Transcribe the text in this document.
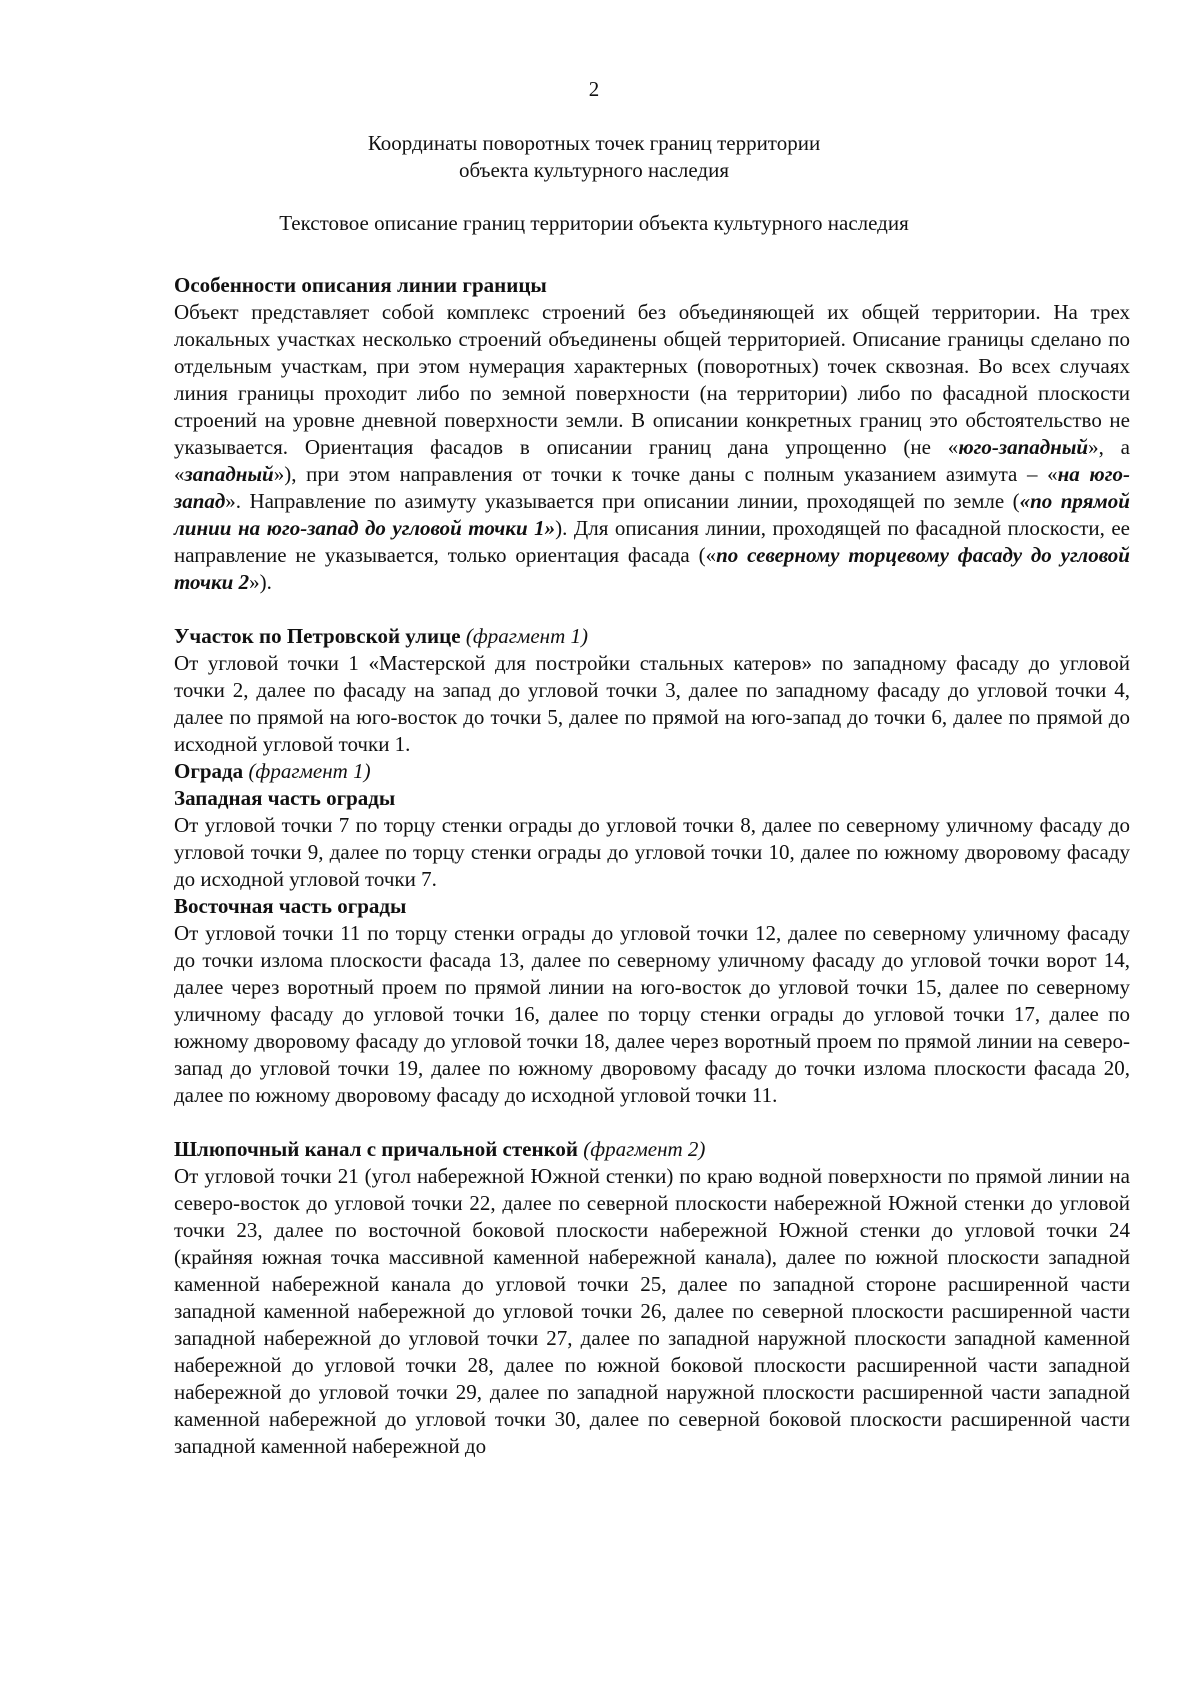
2
Координаты поворотных точек границ территории
объекта культурного наследия
Текстовое описание границ территории объекта культурного наследия
Особенности описания линии границы

Объект представляет собой комплекс строений без объединяющей их общей территории. На трех локальных участках несколько строений объединены общей территорией. Описание границы сделано по отдельным участкам, при этом нумерация характерных (поворотных) точек сквозная. Во всех случаях линия границы проходит либо по земной поверхности (на территории) либо по фасадной плоскости строений на уровне дневной поверхности земли. В описании конкретных границ это обстоятельство не указывается. Ориентация фасадов в описании границ дана упрощенно (не «юго-западный», а «западный»), при этом направления от точки к точке даны с полным указанием азимута – «на юго-запад». Направление по азимуту указывается при описании линии, проходящей по земле («по прямой линии на юго-запад до угловой точки 1»). Для описания линии, проходящей по фасадной плоскости, ее направление не указывается, только ориентация фасада («по северному торцевому фасаду до угловой точки 2»).

Участок по Петровской улице (фрагмент 1)

От угловой точки 1 «Мастерской для постройки стальных катеров» по западному фасаду до угловой точки 2, далее по фасаду на запад до угловой точки 3, далее по западному фасаду до угловой точки 4, далее по прямой на юго-восток до точки 5, далее по прямой на юго-запад до точки 6, далее по прямой до исходной угловой точки 1.

Ограда (фрагмент 1)
Западная часть ограды

От угловой точки 7 по торцу стенки ограды до угловой точки 8, далее по северному уличному фасаду до угловой точки 9, далее по торцу стенки ограды до угловой точки 10, далее по южному дворовому фасаду до исходной угловой точки 7.

Восточная часть ограды

От угловой точки 11 по торцу стенки ограды до угловой точки 12, далее по северному уличному фасаду до точки излома плоскости фасада 13, далее по северному уличному фасаду до угловой точки ворот 14, далее через воротный проем по прямой линии на юго-восток до угловой точки 15, далее по северному уличному фасаду до угловой точки 16, далее по торцу стенки ограды до угловой точки 17, далее по южному дворовому фасаду до угловой точки 18, далее через воротный проем по прямой линии на северо-запад до угловой точки 19, далее по южному дворовому фасаду до точки излома плоскости фасада 20, далее по южному дворовому фасаду до исходной угловой точки 11.

Шлюпочный канал с причальной стенкой (фрагмент 2)

От угловой точки 21 (угол набережной Южной стенки) по краю водной поверхности по прямой линии на северо-восток до угловой точки 22, далее по северной плоскости набережной Южной стенки до угловой точки 23, далее по восточной боковой плоскости набережной Южной стенки до угловой точки 24 (крайняя южная точка массивной каменной набережной канала), далее по южной плоскости западной каменной набережной канала до угловой точки 25, далее по западной стороне расширенной части западной каменной набережной до угловой точки 26, далее по северной плоскости расширенной части западной набережной до угловой точки 27, далее по западной наружной плоскости западной каменной набережной до угловой точки 28, далее по южной боковой плоскости расширенной части западной набережной до угловой точки 29, далее по западной наружной плоскости расширенной части западной каменной набережной до угловой точки 30, далее по северной боковой плоскости расширенной части западной каменной набережной до
